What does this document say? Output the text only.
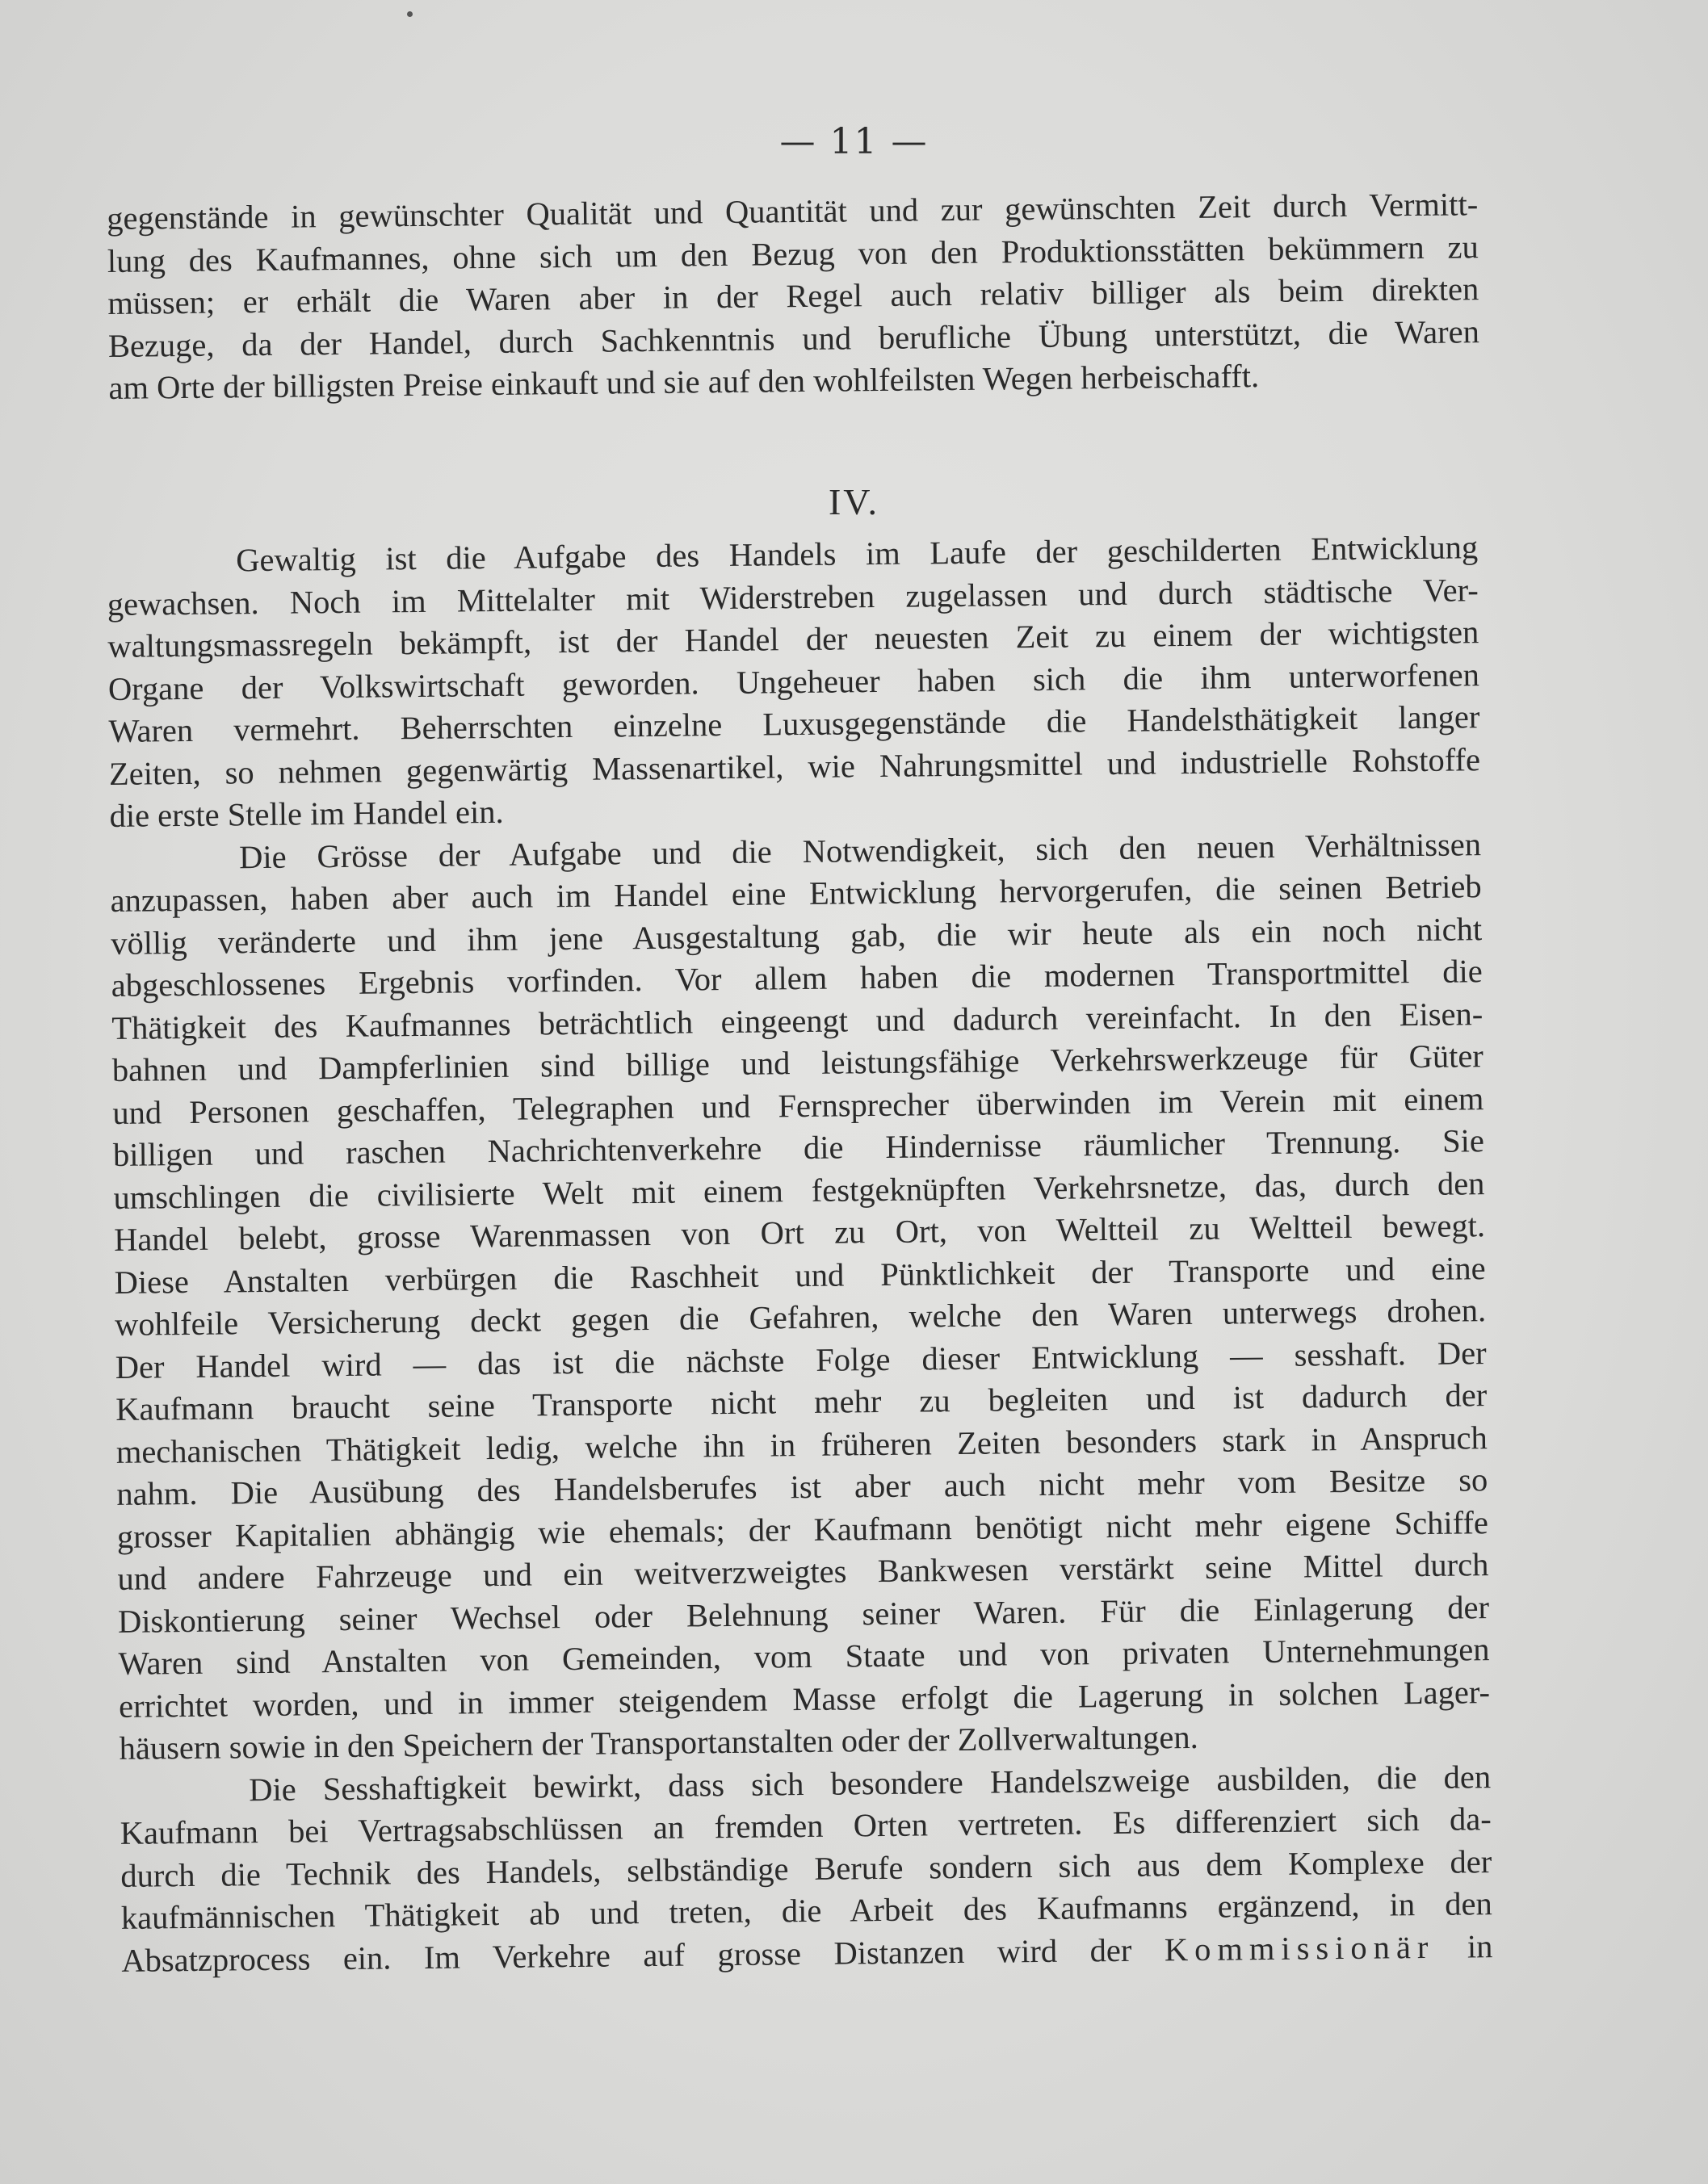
— 11 —
gegenstände in gewünschter Qualität und Quantität und zur gewünschten Zeit durch Vermitt-
lung des Kaufmannes, ohne sich um den Bezug von den Produktionsstätten bekümmern zu
müssen; er erhält die Waren aber in der Regel auch relativ billiger als beim direkten
Bezuge, da der Handel, durch Sachkenntnis und berufliche Übung unterstützt, die Waren
am Orte der billigsten Preise einkauft und sie auf den wohlfeilsten Wegen herbeischafft.
IV.
Gewaltig ist die Aufgabe des Handels im Laufe der geschilderten Entwicklung
gewachsen. Noch im Mittelalter mit Widerstreben zugelassen und durch städtische Ver-
waltungsmassregeln bekämpft, ist der Handel der neuesten Zeit zu einem der wichtigsten
Organe der Volkswirtschaft geworden. Ungeheuer haben sich die ihm unterworfenen
Waren vermehrt. Beherrschten einzelne Luxusgegenstände die Handelsthätigkeit langer
Zeiten, so nehmen gegenwärtig Massenartikel, wie Nahrungsmittel und industrielle Rohstoffe
die erste Stelle im Handel ein.
Die Grösse der Aufgabe und die Notwendigkeit, sich den neuen Verhältnissen
anzupassen, haben aber auch im Handel eine Entwicklung hervorgerufen, die seinen Betrieb
völlig veränderte und ihm jene Ausgestaltung gab, die wir heute als ein noch nicht
abgeschlossenes Ergebnis vorfinden. Vor allem haben die modernen Transportmittel die
Thätigkeit des Kaufmannes beträchtlich eingeengt und dadurch vereinfacht. In den Eisen-
bahnen und Dampferlinien sind billige und leistungsfähige Verkehrswerkzeuge für Güter
und Personen geschaffen, Telegraphen und Fernsprecher überwinden im Verein mit einem
billigen und raschen Nachrichtenverkehre die Hindernisse räumlicher Trennung. Sie
umschlingen die civilisierte Welt mit einem festgeknüpften Verkehrsnetze, das, durch den
Handel belebt, grosse Warenmassen von Ort zu Ort, von Weltteil zu Weltteil bewegt.
Diese Anstalten verbürgen die Raschheit und Pünktlichkeit der Transporte und eine
wohlfeile Versicherung deckt gegen die Gefahren, welche den Waren unterwegs drohen.
Der Handel wird — das ist die nächste Folge dieser Entwicklung — sesshaft. Der
Kaufmann braucht seine Transporte nicht mehr zu begleiten und ist dadurch der
mechanischen Thätigkeit ledig, welche ihn in früheren Zeiten besonders stark in Anspruch
nahm. Die Ausübung des Handelsberufes ist aber auch nicht mehr vom Besitze so
grosser Kapitalien abhängig wie ehemals; der Kaufmann benötigt nicht mehr eigene Schiffe
und andere Fahrzeuge und ein weitverzweigtes Bankwesen verstärkt seine Mittel durch
Diskontierung seiner Wechsel oder Belehnung seiner Waren. Für die Einlagerung der
Waren sind Anstalten von Gemeinden, vom Staate und von privaten Unternehmungen
errichtet worden, und in immer steigendem Masse erfolgt die Lagerung in solchen Lager-
häusern sowie in den Speichern der Transportanstalten oder der Zollverwaltungen.
Die Sesshaftigkeit bewirkt, dass sich besondere Handelszweige ausbilden, die den
Kaufmann bei Vertragsabschlüssen an fremden Orten vertreten. Es differenziert sich da-
durch die Technik des Handels, selbständige Berufe sondern sich aus dem Komplexe der
kaufmännischen Thätigkeit ab und treten, die Arbeit des Kaufmanns ergänzend, in den
Absatzprocess ein. Im Verkehre auf grosse Distanzen wird der Kommissionär in
